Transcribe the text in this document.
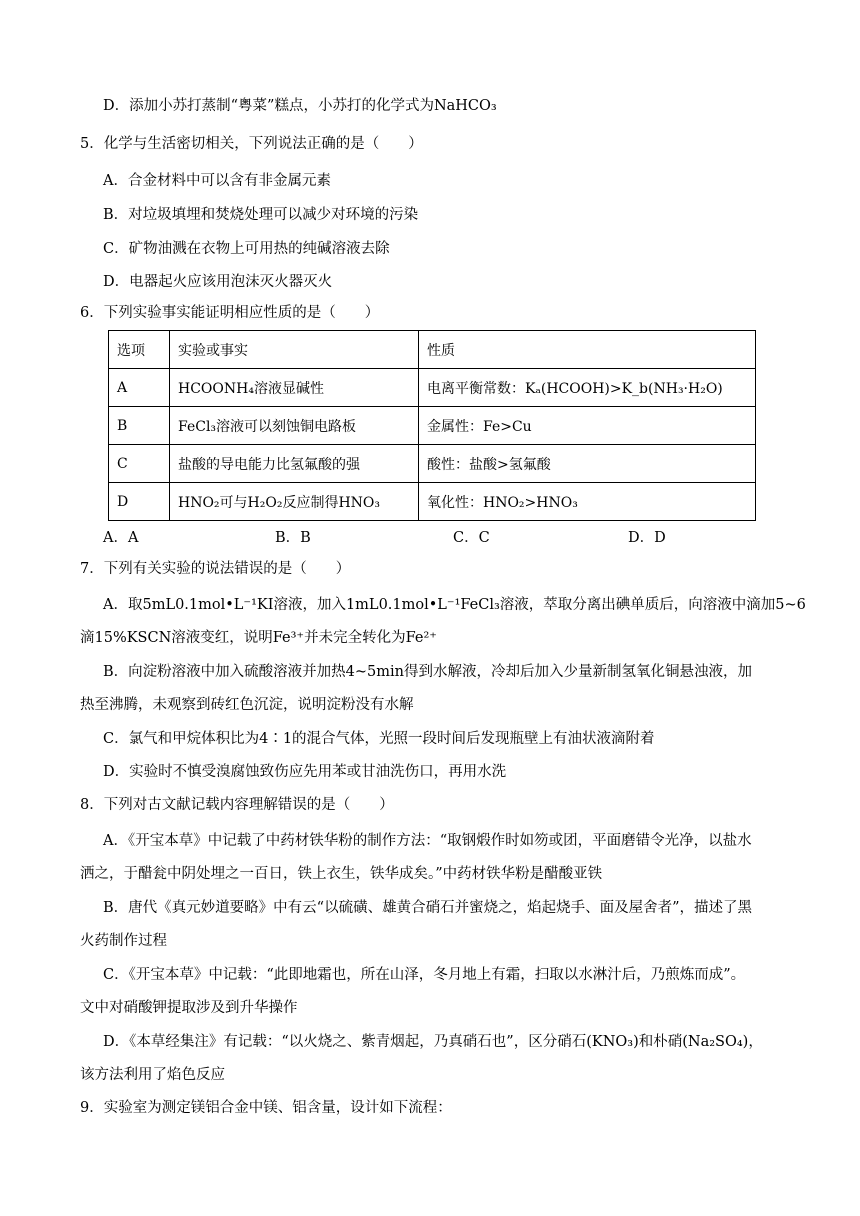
D．添加小苏打蒸制“粤菜”糕点，小苏打的化学式为NaHCO₃
5．化学与生活密切相关，下列说法正确的是（　　）
A．合金材料中可以含有非金属元素
B．对垃圾填埋和焚烧处理可以减少对环境的污染
C．矿物油溅在衣物上可用热的纯碱溶液去除
D．电器起火应该用泡沫灭火器灭火
6．下列实验事实能证明相应性质的是（　　）
选项	实验或事实	性质
A	HCOONH₄溶液显碱性	电离平衡常数：Kₐ(HCOOH)>K_b(NH₃·H₂O)
B	FeCl₃溶液可以刻蚀铜电路板	金属性：Fe>Cu
C	盐酸的导电能力比氢氟酸的强	酸性：盐酸>氢氟酸
D	HNO₂可与H₂O₂反应制得HNO₃	氧化性：HNO₂>HNO₃
A．A	B．B	C．C	D．D
7．下列有关实验的说法错误的是（　　）
A．取5mL0.1mol•L⁻¹KI溶液，加入1mL0.1mol•L⁻¹FeCl₃溶液，萃取分离出碘单质后，向溶液中滴加5~6
滴15%KSCN溶液变红，说明Fe³⁺并未完全转化为Fe²⁺
B．向淀粉溶液中加入硫酸溶液并加热4~5min得到水解液，冷却后加入少量新制氢氧化铜悬浊液，加
热至沸腾，未观察到砖红色沉淀，说明淀粉没有水解
C．氯气和甲烷体积比为4∶1的混合气体，光照一段时间后发现瓶壁上有油状液滴附着
D．实验时不慎受溴腐蚀致伤应先用苯或甘油洗伤口，再用水洗
8．下列对古文献记载内容理解错误的是（　　）
A．《开宝本草》中记载了中药材铁华粉的制作方法：“取钢煅作时如笏或团，平面磨错令光净，以盐水
洒之，于醋瓮中阴处埋之一百日，铁上衣生，铁华成矣。”中药材铁华粉是醋酸亚铁
B．唐代《真元妙道要略》中有云“以硫磺、雄黄合硝石并蜜烧之，焰起烧手、面及屋舍者”，描述了黑
火药制作过程
C．《开宝本草》中记载：“此即地霜也，所在山泽，冬月地上有霜，扫取以水淋汁后，乃煎炼而成”。
文中对硝酸钾提取涉及到升华操作
D．《本草经集注》有记载：“以火烧之、紫青烟起，乃真硝石也”，区分硝石(KNO₃)和朴硝(Na₂SO₄)，
该方法利用了焰色反应
9．实验室为测定镁铝合金中镁、铝含量，设计如下流程：
